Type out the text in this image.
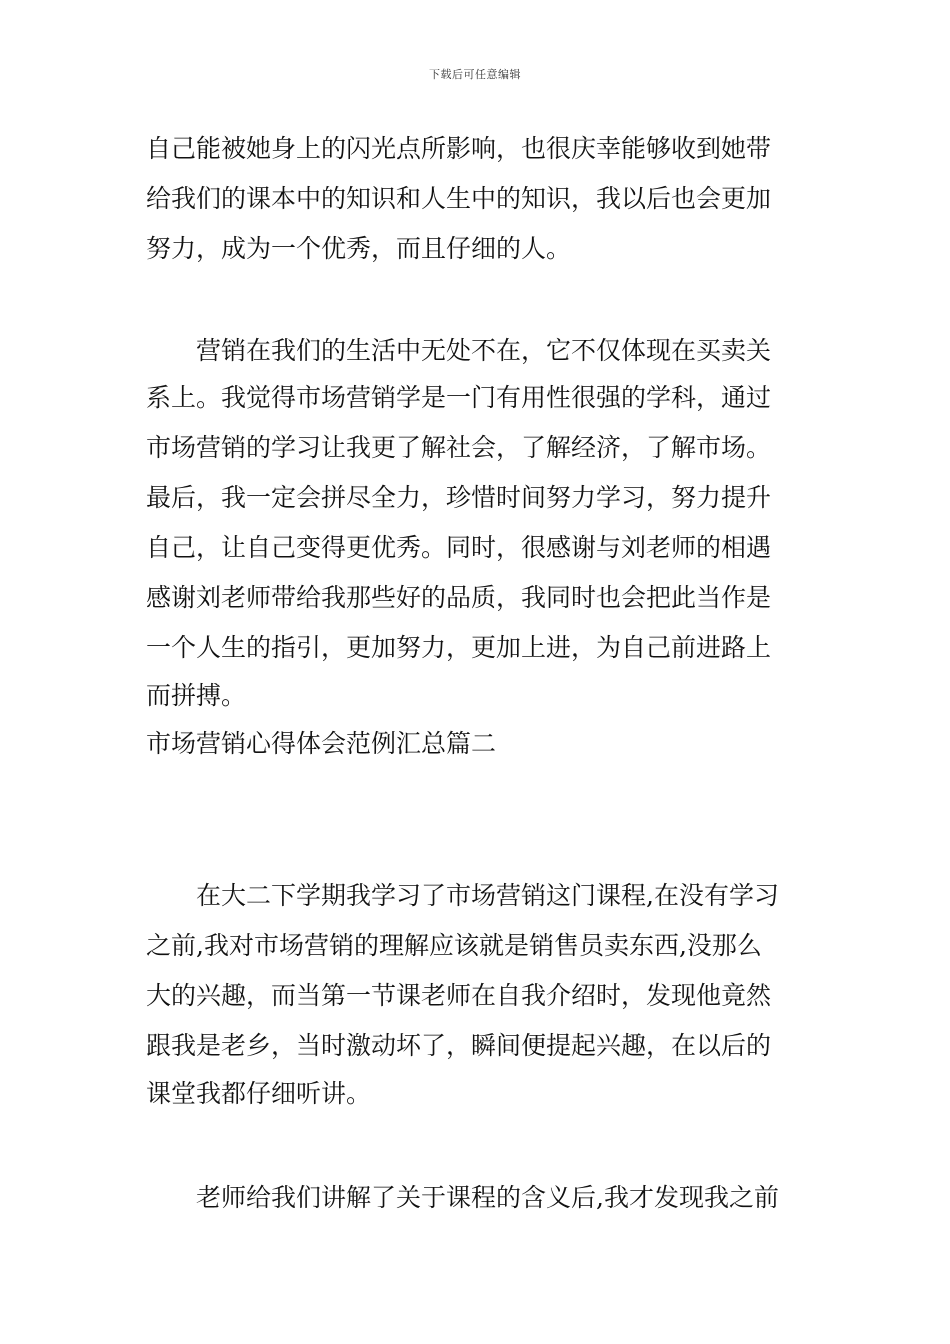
下载后可任意编辑
自己能被她身上的闪光点所影响，也很庆幸能够收到她带
给我们的课本中的知识和人生中的知识，我以后也会更加
努力，成为一个优秀，而且仔细的人。
营销在我们的生活中无处不在，它不仅体现在买卖关
系上。我觉得市场营销学是一门有用性很强的学科，通过
市场营销的学习让我更了解社会，了解经济，了解市场。
最后，我一定会拼尽全力，珍惜时间努力学习，努力提升
自己，让自己变得更优秀。同时，很感谢与刘老师的相遇
感谢刘老师带给我那些好的品质，我同时也会把此当作是
一个人生的指引，更加努力，更加上进，为自己前进路上
而拼搏。
市场营销心得体会范例汇总篇二
在大二下学期我学习了市场营销这门课程,在没有学习
之前,我对市场营销的理解应该就是销售员卖东西,没那么
大的兴趣，而当第一节课老师在自我介绍时，发现他竟然
跟我是老乡，当时激动坏了，瞬间便提起兴趣，在以后的
课堂我都仔细听讲。
老师给我们讲解了关于课程的含义后,我才发现我之前
